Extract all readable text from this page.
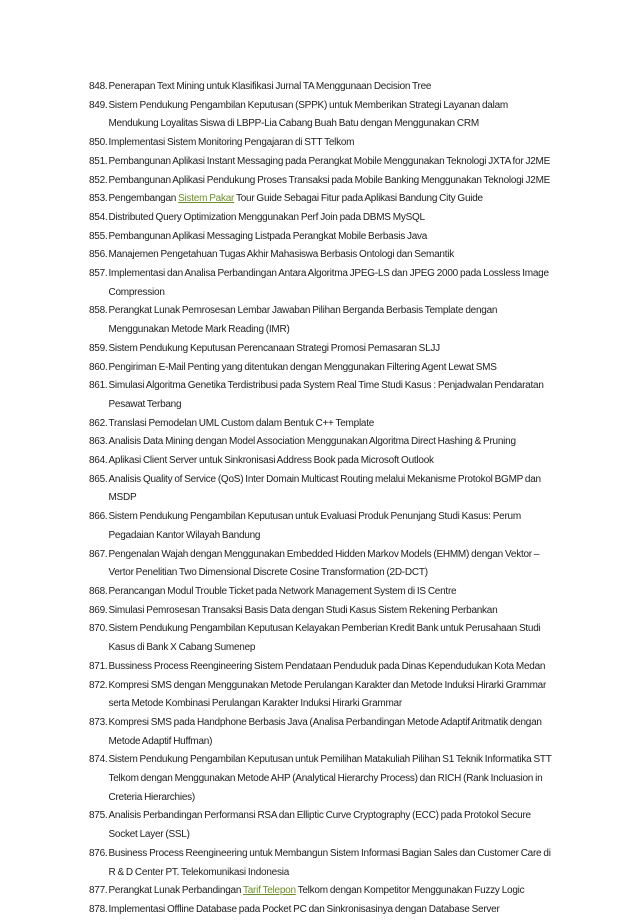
848. Penerapan Text Mining untuk Klasifikasi Jurnal TA Menggunaan Decision Tree
849. Sistem Pendukung Pengambilan Keputusan (SPPK) untuk Memberikan Strategi Layanan dalam
Mendukung Loyalitas Siswa di LBPP-Lia Cabang Buah Batu dengan Menggunakan CRM
850. Implementasi Sistem Monitoring Pengajaran di STT Telkom
851. Pembangunan Aplikasi Instant Messaging pada Perangkat Mobile Menggunakan Teknologi JXTA for J2ME
852. Pembangunan Aplikasi Pendukung Proses Transaksi pada Mobile Banking Menggunakan Teknologi J2ME
853. Pengembangan Sistem Pakar Tour Guide Sebagai Fitur pada Aplikasi Bandung City Guide
854. Distributed Query Optimization Menggunakan Perf Join pada DBMS MySQL
855. Pembangunan Aplikasi Messaging Listpada Perangkat Mobile Berbasis Java
856. Manajemen Pengetahuan Tugas Akhir Mahasiswa Berbasis Ontologi dan Semantik
857. Implementasi dan Analisa Perbandingan Antara Algoritma JPEG-LS dan JPEG 2000 pada Lossless Image
Compression
858. Perangkat Lunak Pemrosesan Lembar Jawaban Pilihan Berganda Berbasis Template dengan
Menggunakan Metode Mark Reading (IMR)
859. Sistem Pendukung Keputusan Perencanaan Strategi Promosi Pemasaran SLJJ
860. Pengiriman E-Mail Penting yang ditentukan dengan Menggunakan Filtering Agent Lewat SMS
861. Simulasi Algoritma Genetika Terdistribusi pada System Real Time Studi Kasus : Penjadwalan Pendaratan
Pesawat Terbang
862. Translasi Pemodelan UML Custom dalam Bentuk C++ Template
863. Analisis Data Mining dengan Model Association Menggunakan Algoritma Direct Hashing & Pruning
864. Aplikasi Client Server untuk Sinkronisasi Address Book pada Microsoft Outlook
865. Analisis Quality of Service (QoS) Inter Domain Multicast Routing melalui Mekanisme Protokol BGMP dan
MSDP
866. Sistem Pendukung Pengambilan Keputusan untuk Evaluasi Produk Penunjang Studi Kasus: Perum
Pegadaian Kantor Wilayah Bandung
867. Pengenalan Wajah dengan Menggunakan Embedded Hidden Markov Models (EHMM) dengan Vektor –
Vertor Penelitian Two Dimensional Discrete Cosine Transformation (2D-DCT)
868. Perancangan Modul Trouble Ticket pada Network Management System di IS Centre
869. Simulasi Pemrosesan Transaksi Basis Data dengan Studi Kasus Sistem Rekening Perbankan
870. Sistem Pendukung Pengambilan Keputusan Kelayakan Pemberian Kredit Bank untuk Perusahaan Studi
Kasus di Bank X Cabang Sumenep
871. Bussiness Process Reengineering Sistem Pendataan Penduduk pada Dinas Kependudukan Kota Medan
872. Kompresi SMS dengan Menggunakan Metode Perulangan Karakter dan Metode Induksi Hirarki Grammar
serta Metode Kombinasi Perulangan Karakter Induksi Hirarki Grammar
873. Kompresi SMS pada Handphone Berbasis Java (Analisa Perbandingan Metode Adaptif Aritmatik dengan
Metode Adaptif Huffman)
874. Sistem Pendukung Pengambilan Keputusan untuk Pemilihan Matakuliah Pilihan S1 Teknik Informatika STT
Telkom dengan Menggunakan Metode AHP (Analytical Hierarchy Process) dan RICH (Rank Incluasion in
Creteria Hierarchies)
875. Analisis Perbandingan Performansi RSA dan Elliptic Curve Cryptography (ECC) pada Protokol Secure
Socket Layer (SSL)
876. Business Process Reengineering untuk Membangun Sistem Informasi Bagian Sales dan Customer Care di
R & D Center PT. Telekomunikasi Indonesia
877. Perangkat Lunak Perbandingan Tarif Telepon Telkom dengan Kompetitor Menggunakan Fuzzy Logic
878. Implementasi Offline Database pada Pocket PC dan Sinkronisasinya dengan Database Server
